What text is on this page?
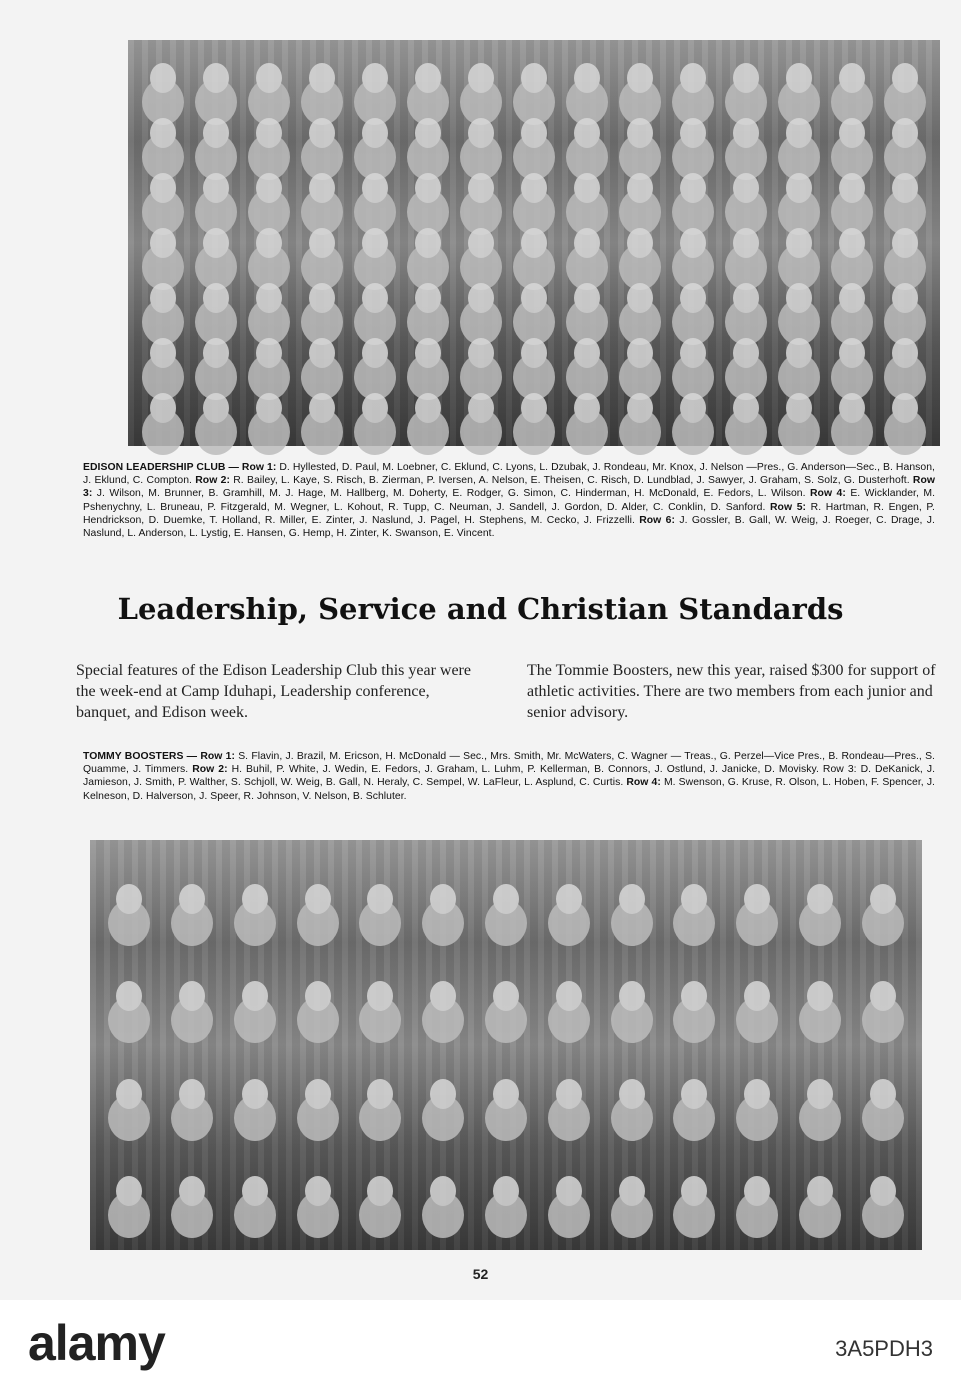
EDISON LEADERSHIP CLUB — Row 1: D. Hyllested, D. Paul, M. Loebner, C. Eklund, C. Lyons, L. Dzubak, J. Rondeau, Mr. Knox, J. Nelson —Pres., G. Anderson—Sec., B. Hanson, J. Eklund, C. Compton. Row 2: R. Bailey, L. Kaye, S. Risch, B. Zierman, P. Iversen, A. Nelson, E. Theisen, C. Risch, D. Lundblad, J. Sawyer, J. Graham, S. Solz, G. Dusterhoft. Row 3: J. Wilson, M. Brunner, B. Gramhill, M. J. Hage, M. Hallberg, M. Doherty, E. Rodger, G. Simon, C. Hinderman, H. McDonald, E. Fedors, L. Wilson. Row 4: E. Wicklander, M. Pshenychny, L. Bruneau, P. Fitzgerald, M. Wegner, L. Kohout, R. Tupp, C. Neuman, J. Sandell, J. Gordon, D. Alder, C. Conklin, D. Sanford. Row 5: R. Hartman, R. Engen, P. Hendrickson, D. Duemke, T. Holland, R. Miller, E. Zinter, J. Naslund, J. Pagel, H. Stephens, M. Cecko, J. Frizzelli. Row 6: J. Gossler, B. Gall, W. Weig, J. Roeger, C. Drage, J. Naslund, L. Anderson, L. Lystig, E. Hansen, G. Hemp, H. Zinter, K. Swanson, E. Vincent.
Leadership, Service and Christian Standards
Special features of the Edison Leadership Club this year were the week-end at Camp Iduhapi, Leadership conference, banquet, and Edison week.
The Tommie Boosters, new this year, raised $300 for support of athletic activities. There are two members from each junior and senior advisory.
TOMMY BOOSTERS — Row 1: S. Flavin, J. Brazil, M. Ericson, H. McDonald — Sec., Mrs. Smith, Mr. McWaters, C. Wagner — Treas., G. Perzel—Vice Pres., B. Rondeau—Pres., S. Quamme, J. Timmers. Row 2: H. Buhil, P. White, J. Wedin, E. Fedors, J. Graham, L. Luhm, P. Kellerman, B. Connors, J. Ostlund, J. Janicke, D. Movisky. Row 3: D. DeKanick, J. Jamieson, J. Smith, P. Walther, S. Schjoll, W. Weig, B. Gall, N. Heraly, C. Sempel, W. LaFleur, L. Asplund, C. Curtis. Row 4: M. Swenson, G. Kruse, R. Olson, L. Hoben, F. Spencer, J. Kelneson, D. Halverson, J. Speer, R. Johnson, V. Nelson, B. Schluter.
52
alamy	3A5PDH3
